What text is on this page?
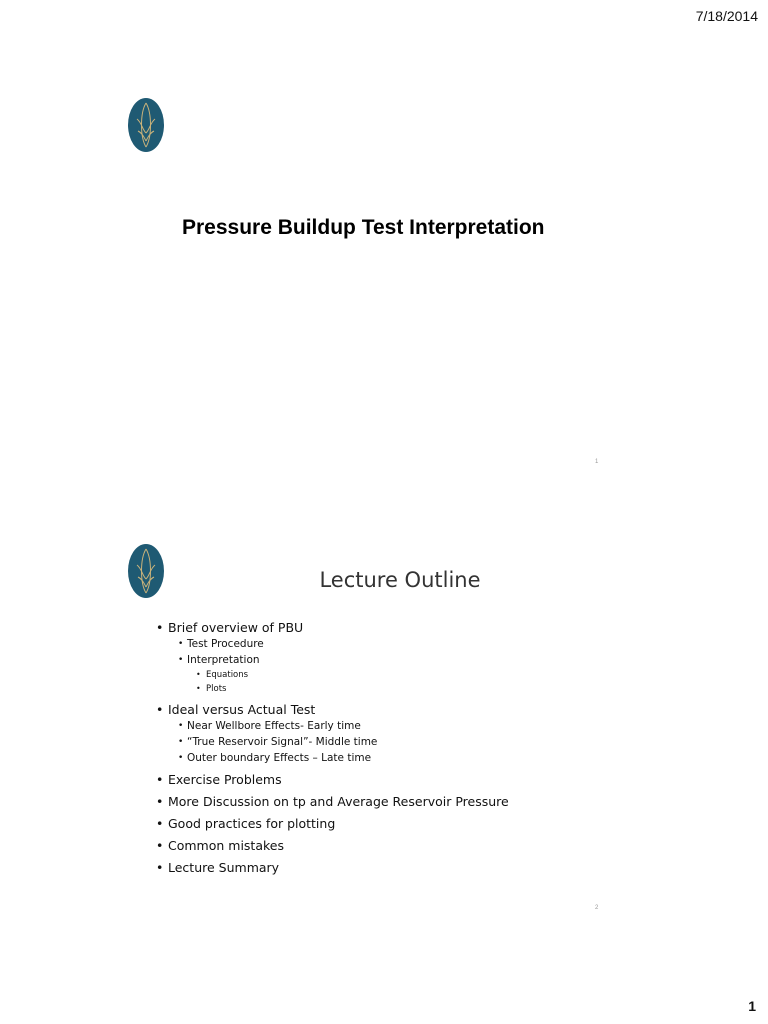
7/18/2014
Pressure Buildup Test Interpretation
1
Lecture Outline
• Brief overview of PBU
• Test Procedure
• Interpretation
• Equations
• Plots
• Ideal versus Actual Test
• Near Wellbore Effects- Early time
• “True Reservoir Signal”- Middle time
• Outer boundary Effects – Late time
• Exercise Problems
• More Discussion on tp and Average Reservoir Pressure
• Good practices for plotting
• Common mistakes
• Lecture Summary
2
1
